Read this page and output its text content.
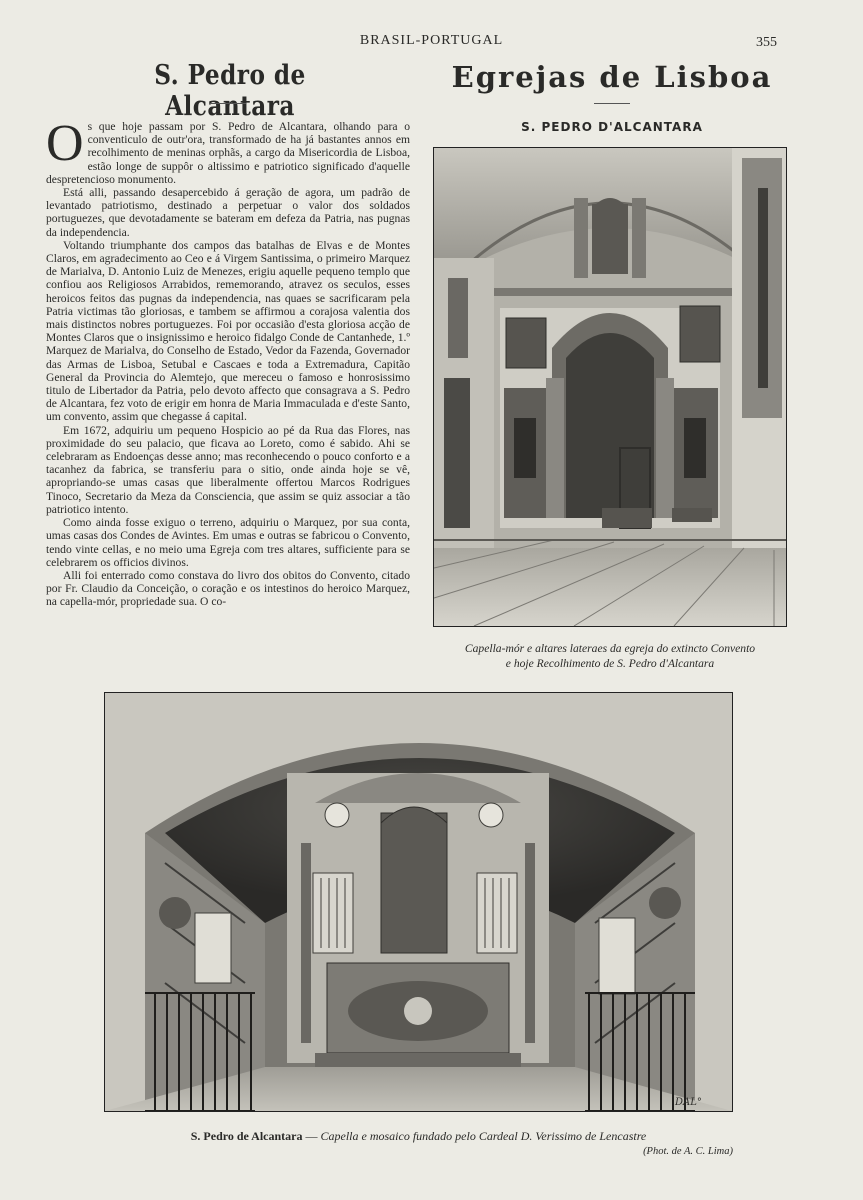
BRASIL-PORTUGAL	355
S. Pedro de Alcantara
Egrejas de Lisboa
S. PEDRO D'ALCANTARA

Os que hoje passam por S. Pedro de Alcantara, olhando para o conventiculo de outr'ora, transformado de ha já bastantes annos em recolhimento de meninas orphãs, a cargo da Misericordia de Lisboa, estão longe de suppôr o altissimo e patriotico significado d'aquelle despretencioso monumento.

Está alli, passando desapercebido á geração de agora, um padrão de levantado patriotismo, destinado a perpetuar o valor dos soldados portuguezes, que devotadamente se bateram em defeza da Patria, nas pugnas da independencia.

Voltando triumphante dos campos das batalhas de Elvas e de Montes Claros, em agradecimento ao Ceo e á Virgem Santissima, o primeiro Marquez de Marialva, D. Antonio Luiz de Menezes, erigiu aquelle pequeno templo que confiou aos Religiosos Arrabidos, rememorando, atravez os seculos, esses heroicos feitos das pugnas da independencia, nas quaes se sacrificaram pela Patria victimas tão gloriosas, e tambem se affirmou a corajosa valentia dos mais distinctos nobres portuguezes. Foi por occasião d'esta gloriosa acção de Montes Claros que o insignissimo e heroico fidalgo Conde de Cantanhede, 1.º Marquez de Marialva, do Conselho de Estado, Vedor da Fazenda, Governador das Armas de Lisboa, Setubal e Cascaes e toda a Extremadura, Capitão General da Provincia do Alemtejo, que mereceu o famoso e honrosissimo titulo de Libertador da Patria, pelo devoto affecto que consagrava a S. Pedro de Alcantara, fez voto de erigir em honra de Maria Immaculada e d'este Santo, um convento, assim que chegasse á capital.

Em 1672, adquiriu um pequeno Hospicio ao pé da Rua das Flores, nas proximidade do seu palacio, que ficava ao Loreto, como é sabido. Ahi se celebraram as Endoenças desse anno; mas reconhecendo o pouco conforto e a tacanhez da fabrica, se transferiu para o sitio, onde ainda hoje se vê, apropriando-se umas casas que liberalmente offertou Marcos Rodrigues Tinoco, Secretario da Meza da Consciencia, que assim se quiz associar a tão patriotico intento.

Como ainda fosse exiguo o terreno, adquiriu o Marquez, por sua conta, umas casas dos Condes de Avintes. Em umas e outras se fabricou o Convento, tendo vinte cellas, e no meio uma Egreja com tres altares, sufficiente para se celebrarem os officios divinos.

Alli foi enterrado como constava do livro dos obitos do Convento, citado por Fr. Claudio da Conceição, o coração e os intestinos do heroico Marquez, na capella-mór, propriedade sua. O co-

Capella-mór e altares lateraes da egreja do extincto Convento
e hoje Recolhimento de S. Pedro d'Alcantara
DAL°
S. Pedro de Alcantara — Capella e mosaico fundado pelo Cardeal D. Verissimo de Lencastre
(Phot. de A. C. Lima)
